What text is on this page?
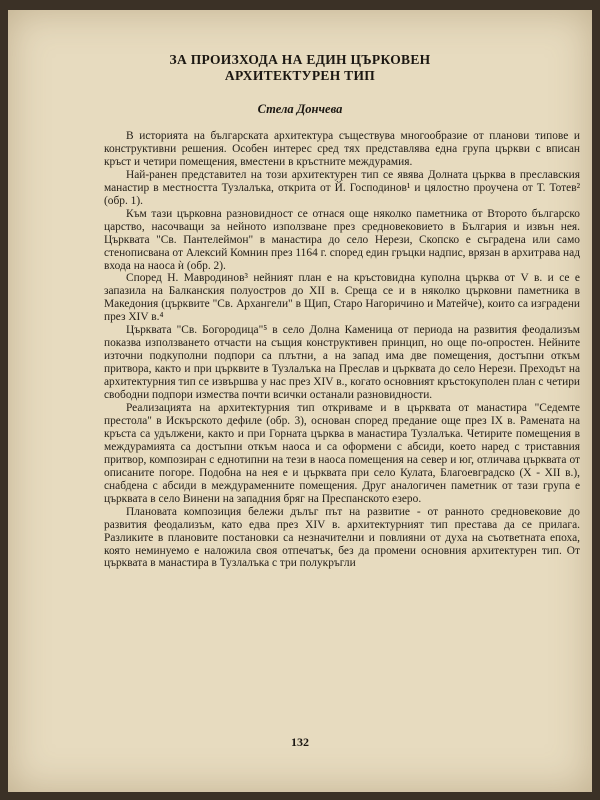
ЗА ПРОИЗХОДА НА ЕДИН ЦЪРКОВЕН
АРХИТЕКТУРЕН ТИП
Стела Дончева

В историята на българската архитектура съществува многообразие от планови типове и конструктивни решения. Особен интерес сред тях представлява една група църкви с вписан кръст и четири помещения, вместени в кръстните междурамия.

Най-ранен представител на този архитектурен тип се явява Долната църква в преславския манастир в местността Тузлалъка, открита от Й. Господинов¹ и цялостно проучена от Т. Тотев² (обр. 1).

Към тази църковна разновидност се отнася още няколко паметника от Второто българско царство, насочващи за нейното използване през средновековието в България и извън нея. Църквата "Св. Пантелеймон" в манастира до село Нерези, Скопско е съградена или само стенописвана от Алексий Комнин през 1164 г. според един гръцки надпис, врязан в архитрава над входа на наоса ѝ (обр. 2).

Според Н. Мавродинов³ нейният план е на кръстовидна куполна църква от V в. и се е запазила на Балканския полуостров до XII в. Среща се и в няколко църковни паметника в Македония (църквите "Св. Архангели" в Щип, Старо Нагоричино и Матейче), които са изградени през XIV в.⁴

Църквата "Св. Богородица"⁵ в село Долна Каменица от периода на развития феодализъм показва използването отчасти на същия конструктивен принцип, но още по-опростен. Нейните източни подкуполни подпори са плътни, а на запад има две помещения, достъпни откъм притвора, както и при църквите в Тузлалъка на Преслав и църквата до село Нерези. Преходът на архитектурния тип се извършва у нас през XIV в., когато основният кръстокуполен план с четири свободни подпори измества почти всички останали разновидности.

Реализацията на архитектурния тип откриваме и в църквата от манастира "Седемте престола" в Искърското дефиле (обр. 3), основан според предание още през IX в. Рамената на кръста са удължени, както и при Горната църква в манастира Тузлалъка. Четирите помещения в междурамията са достъпни откъм наоса и са оформени с абсиди, което наред с триставния притвор, композиран с еднотипни на тези в наоса помещения на север и юг, отличава църквата от описаните погоре. Подобна на нея е и църквата при село Кулата, Благоевградско (X - XII в.), снабдена с абсиди в междураменните помещения. Друг аналогичен паметник от тази група е църквата в село Винени на западния бряг на Преспанското езеро.

Плановата композиция бележи дълъг път на развитие - от ранното средновековие до развития феодализъм, като едва през XIV в. архитектурният тип престава да се прилага. Разликите в плановите постановки са незначителни и повлияни от духа на съответната епоха, която неминуемо е наложила своя отпечатък, без да промени основния архитектурен тип. От църквата в манастира в Тузлалъка с три полукръгли

132
